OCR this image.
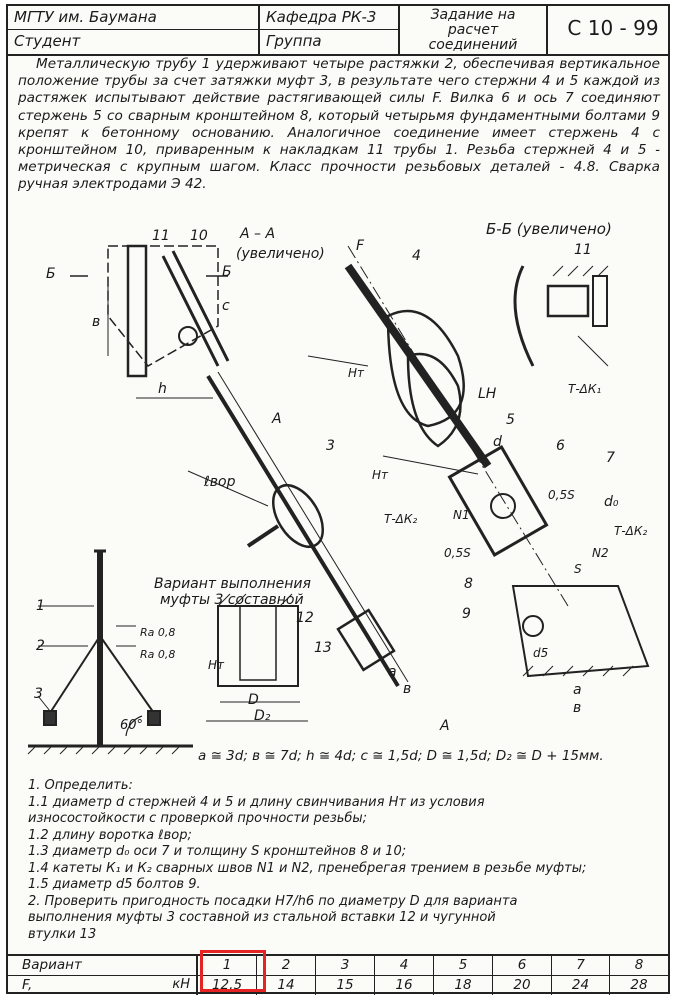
МГТУ им. Баумана
Студент
Кафедра РК-3
Группа
Задание на
расчет
соединений
С 10 - 99
Металлическую трубу 1 удерживают четыре растяжки 2, обеспечивая вертикальное положение трубы за счет затяжки муфт 3, в результате чего стержни 4 и 5 каждой из растяжек испытывают действие растягивающей силы F. Вилка 6 и ось 7 соединяют стержень 5 со сварным кронштейном 8, который четырьмя фундаментными болтами 9 крепят к бетонному основанию. Аналогичное соединение имеет стержень 4 с кронштейном 10, приваренным к накладкам 11 трубы 1. Резьба стержней 4 и 5 - метрическая с крупным шагом. Класс прочности резьбовых деталей - 4.8. Сварка ручная электродами Э 42.
А – А
(увеличено)
Б-Б (увеличено)
F
Б	Б
А
А
h
в
с
ℓвор
LН
d
d₀
0,5S
0,5S
Т-ΔК₁
Т-ΔК₂
Т-ΔК₂
60°
Ra 0,8
Ra 0,8
Вариант выполнения
муфты 3 составной
D
D₂
Нт
Нт
Нт
а
а
в
в
N1
N2
S
d5
1
2
3
3
4
5
6
7
8
9
10
11
11
12
13
а ≅ 3d; в ≅ 7d; h ≅ 4d; с ≅ 1,5d; D ≅ 1,5d; D₂ ≅ D + 15мм.
1. Определить:
1.1 диаметр d стержней 4 и 5 и длину свинчивания Нт из условия
износостойкости с проверкой прочности резьбы;
1.2 длину воротка ℓвор;
1.3 диаметр d₀ оси 7 и толщину S кронштейнов 8 и 10;
1.4 катеты К₁ и К₂ сварных швов N1 и N2, пренебрегая трением в резьбе муфты;
1.5 диаметр d5 болтов 9.
2. Проверить пригодность посадки Н7/h6 по диаметру D для варианта
выполнения муфты 3 составной из стальной вставки 12 и чугунной
втулки 13
Вариант	1	2	3	4	5	6	7	8
F,	кН	12,5	14	15	16	18	20	24	28
